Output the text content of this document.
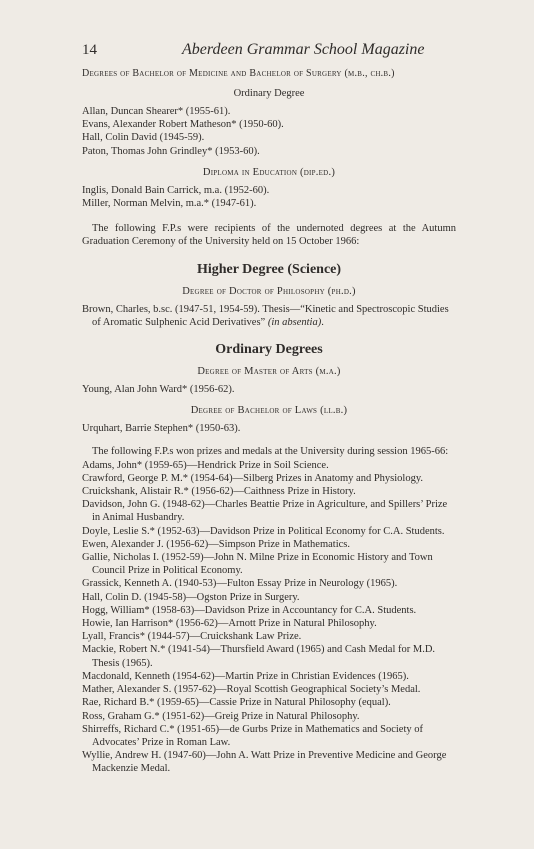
14	Aberdeen Grammar School Magazine

Degrees of Bachelor of Medicine and Bachelor of Surgery (m.b., ch.b.)

Ordinary Degree

Allan, Duncan Shearer* (1955-61).
Evans, Alexander Robert Matheson* (1950-60).
Hall, Colin David (1945-59).
Paton, Thomas John Grindley* (1953-60).

Diploma in Education (dip.ed.)

Inglis, Donald Bain Carrick, m.a. (1952-60).
Miller, Norman Melvin, m.a.* (1947-61).

The following F.P.s were recipients of the undernoted degrees at the Autumn Graduation Ceremony of the University held on 15 October 1966:

Higher Degree (Science)

Degree of Doctor of Philosophy (ph.d.)

Brown, Charles, b.sc. (1947-51, 1954-59). Thesis—“Kinetic and Spectroscopic Studies of Aromatic Sulphenic Acid Derivatives” (in absentia).

Ordinary Degrees

Degree of Master of Arts (m.a.)

Young, Alan John Ward* (1956-62).

Degree of Bachelor of Laws (ll.b.)

Urquhart, Barrie Stephen* (1950-63).

The following F.P.s won prizes and medals at the University during session 1965-66:

Adams, John* (1959-65)—Hendrick Prize in Soil Science.
Crawford, George P. M.* (1954-64)—Silberg Prizes in Anatomy and Physiology.
Cruickshank, Alistair R.* (1956-62)—Caithness Prize in History.
Davidson, John G. (1948-62)—Charles Beattie Prize in Agriculture, and Spillers’ Prize in Animal Husbandry.
Doyle, Leslie S.* (1952-63)—Davidson Prize in Political Economy for C.A. Students.
Ewen, Alexander J. (1956-62)—Simpson Prize in Mathematics.
Gallie, Nicholas I. (1952-59)—John N. Milne Prize in Economic History and Town Council Prize in Political Economy.
Grassick, Kenneth A. (1940-53)—Fulton Essay Prize in Neurology (1965).
Hall, Colin D. (1945-58)—Ogston Prize in Surgery.
Hogg, William* (1958-63)—Davidson Prize in Accountancy for C.A. Students.
Howie, Ian Harrison* (1956-62)—Arnott Prize in Natural Philosophy.
Lyall, Francis* (1944-57)—Cruickshank Law Prize.
Mackie, Robert N.* (1941-54)—Thursfield Award (1965) and Cash Medal for M.D. Thesis (1965).
Macdonald, Kenneth (1954-62)—Martin Prize in Christian Evidences (1965).
Mather, Alexander S. (1957-62)—Royal Scottish Geographical Society’s Medal.
Rae, Richard B.* (1959-65)—Cassie Prize in Natural Philosophy (equal).
Ross, Graham G.* (1951-62)—Greig Prize in Natural Philosophy.
Shirreffs, Richard C.* (1951-65)—de Gurbs Prize in Mathematics and Society of Advocates’ Prize in Roman Law.
Wyllie, Andrew H. (1947-60)—John A. Watt Prize in Preventive Medicine and George Mackenzie Medal.
